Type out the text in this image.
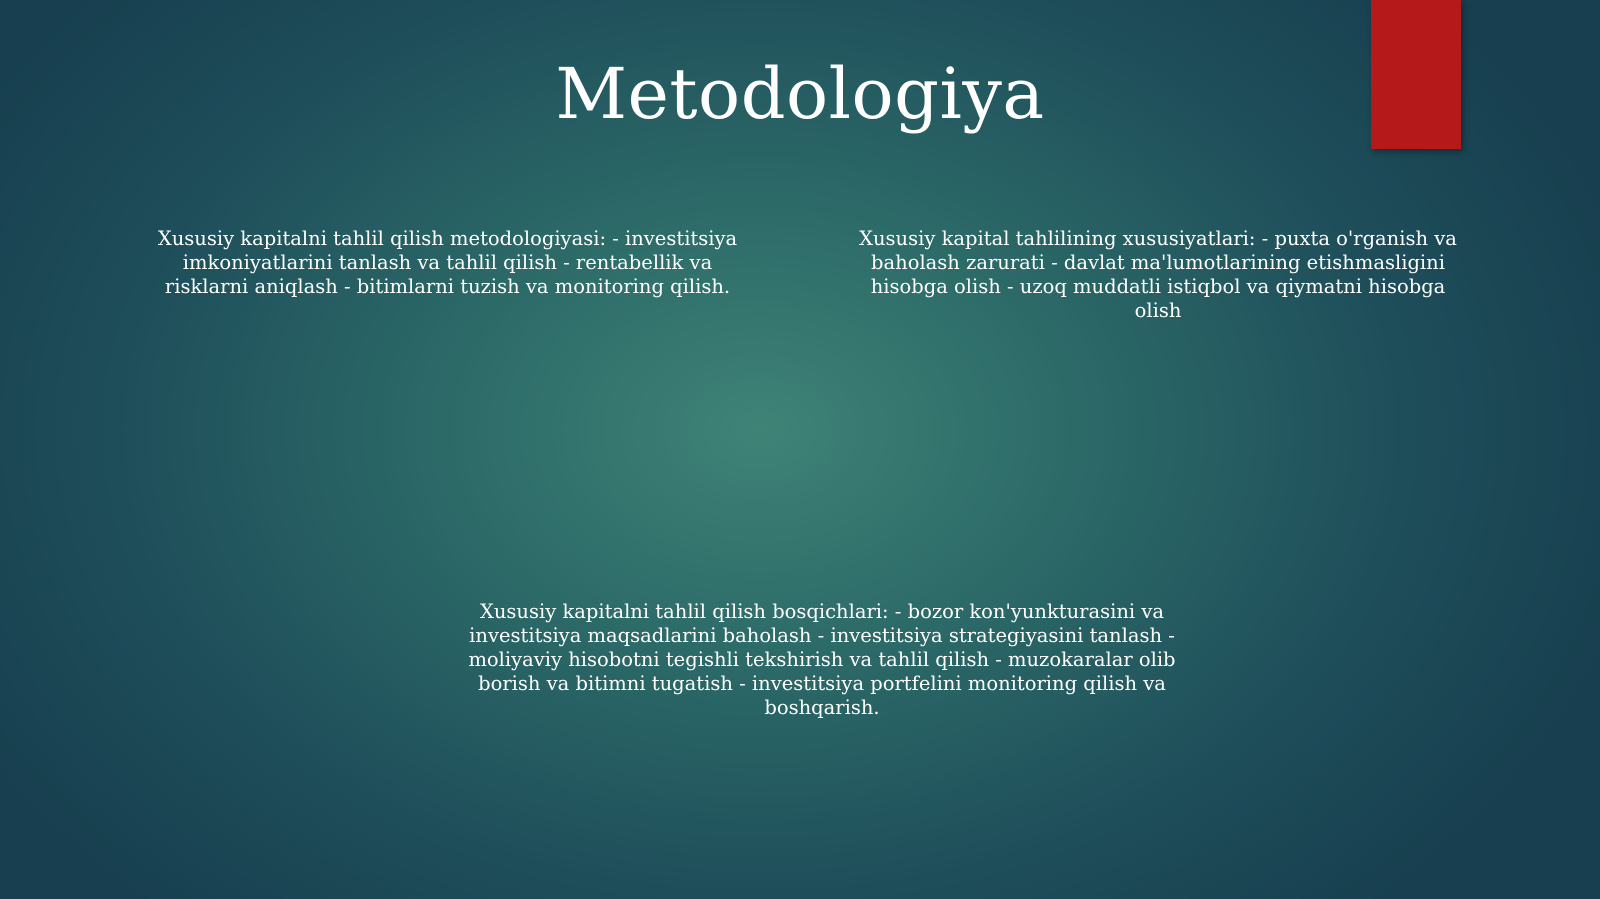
Metodologiya

Xususiy kapitalni tahlil qilish metodologiyasi: - investitsiya imkoniyatlarini tanlash va tahlil qilish - rentabellik va risklarni aniqlash - bitimlarni tuzish va monitoring qilish.

Xususiy kapital tahlilining xususiyatlari: - puxta o'rganish va baholash zarurati - davlat ma'lumotlarining etishmasligini hisobga olish - uzoq muddatli istiqbol va qiymatni hisobga olish

Xususiy kapitalni tahlil qilish bosqichlari: - bozor kon'yunkturasini va investitsiya maqsadlarini baholash - investitsiya strategiyasini tanlash - moliyaviy hisobotni tegishli tekshirish va tahlil qilish - muzokaralar olib borish va bitimni tugatish - investitsiya portfelini monitoring qilish va boshqarish.
